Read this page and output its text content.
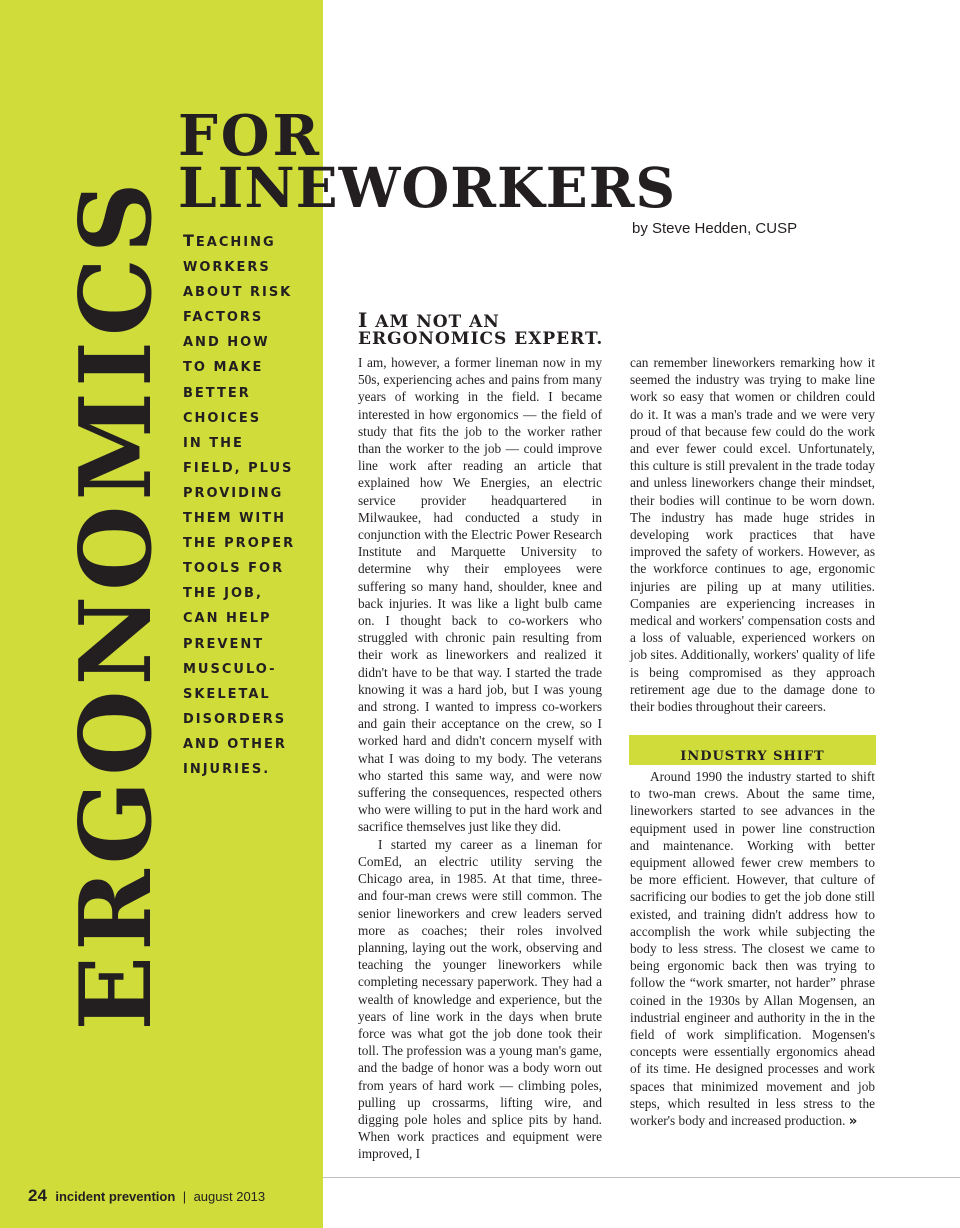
ERGONOMICS
FOR
LINEWORKERS
by Steve Hedden, CUSP
TEACHING
WORKERS
ABOUT RISK
FACTORS
AND HOW
TO MAKE
BETTER
CHOICES
IN THE
FIELD, PLUS
PROVIDING
THEM WITH
THE PROPER
TOOLS FOR
THE JOB,
CAN HELP
PREVENT
MUSCULO-
SKELETAL
DISORDERS
AND OTHER
INJURIES.
I AM NOT AN ERGONOMICS EXPERT.

I am, however, a former lineman now in my 50s, experiencing aches and pains from many years of working in the field. I became interested in how ergonomics — the field of study that fits the job to the worker rather than the worker to the job — could improve line work after reading an article that explained how We Energies, an electric service provider headquartered in Milwaukee, had conducted a study in conjunction with the Electric Power Research Institute and Marquette University to determine why their employees were suffering so many hand, shoulder, knee and back injuries. It was like a light bulb came on. I thought back to co-workers who struggled with chronic pain resulting from their work as lineworkers and realized it didn't have to be that way. I started the trade knowing it was a hard job, but I was young and strong. I wanted to impress co-workers and gain their acceptance on the crew, so I worked hard and didn't concern myself with what I was doing to my body. The veterans who started this same way, and were now suffering the consequences, respected others who were willing to put in the hard work and sacrifice themselves just like they did.

I started my career as a lineman for ComEd, an electric utility serving the Chicago area, in 1985. At that time, three- and four-man crews were still common. The senior lineworkers and crew leaders served more as coaches; their roles involved planning, laying out the work, observing and teaching the younger lineworkers while completing necessary paperwork. They had a wealth of knowledge and experience, but the years of line work in the days when brute force was what got the job done took their toll. The profession was a young man's game, and the badge of honor was a body worn out from years of hard work — climbing poles, pulling up crossarms, lifting wire, and digging pole holes and splice pits by hand. When work practices and equipment were improved, I

can remember lineworkers remarking how it seemed the industry was trying to make line work so easy that women or children could do it. It was a man's trade and we were very proud of that because few could do the work and ever fewer could excel. Unfortunately, this culture is still prevalent in the trade today and unless lineworkers change their mindset, their bodies will continue to be worn down. The industry has made huge strides in developing work practices that have improved the safety of workers. However, as the workforce continues to age, ergonomic injuries are piling up at many utilities. Companies are experiencing increases in medical and workers' compensation costs and a loss of valuable, experienced workers on job sites. Additionally, workers' quality of life is being compromised as they approach retirement age due to the damage done to their bodies throughout their careers.

INDUSTRY SHIFT

Around 1990 the industry started to shift to two-man crews. About the same time, lineworkers started to see advances in the equipment used in power line construction and maintenance. Working with better equipment allowed fewer crew members to be more efficient. However, that culture of sacrificing our bodies to get the job done still existed, and training didn't address how to accomplish the work while subjecting the body to less stress. The closest we came to being ergonomic back then was trying to follow the “work smarter, not harder” phrase coined in the 1930s by Allan Mogensen, an industrial engineer and authority in the in the field of work simplification. Mogensen's concepts were essentially ergonomics ahead of its time. He designed processes and work spaces that minimized movement and job steps, which resulted in less stress to the worker's body and increased production. »

24 incident prevention | august 2013
